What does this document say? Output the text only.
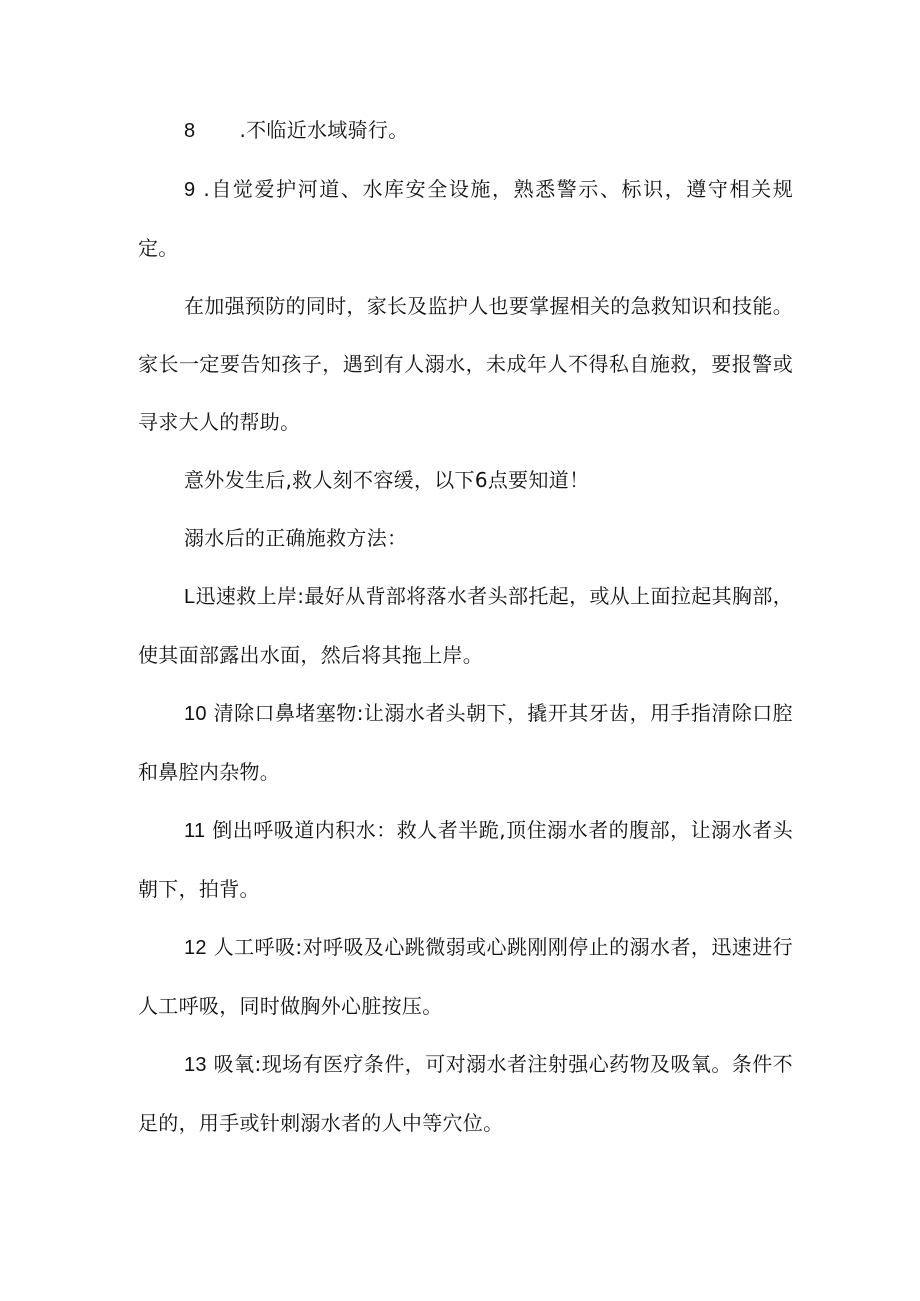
8 .不临近水域骑行。

9 .自觉爱护河道、水库安全设施，熟悉警示、标识，遵守相关规定。

在加强预防的同时，家长及监护人也要掌握相关的急救知识和技能。家长一定要告知孩子，遇到有人溺水，未成年人不得私自施救，要报警或寻求大人的帮助。

意外发生后,救人刻不容缓，以下6点要知道！

溺水后的正确施救方法：

L迅速救上岸:最好从背部将落水者头部托起，或从上面拉起其胸部，使其面部露出水面，然后将其拖上岸。

10 清除口鼻堵塞物:让溺水者头朝下，撬开其牙齿，用手指清除口腔和鼻腔内杂物。

11 倒出呼吸道内积水：救人者半跪,顶住溺水者的腹部，让溺水者头朝下，拍背。

12 人工呼吸:对呼吸及心跳微弱或心跳刚刚停止的溺水者，迅速进行人工呼吸，同时做胸外心脏按压。

13 吸氧:现场有医疗条件，可对溺水者注射强心药物及吸氧。条件不足的，用手或针刺溺水者的人中等穴位。
